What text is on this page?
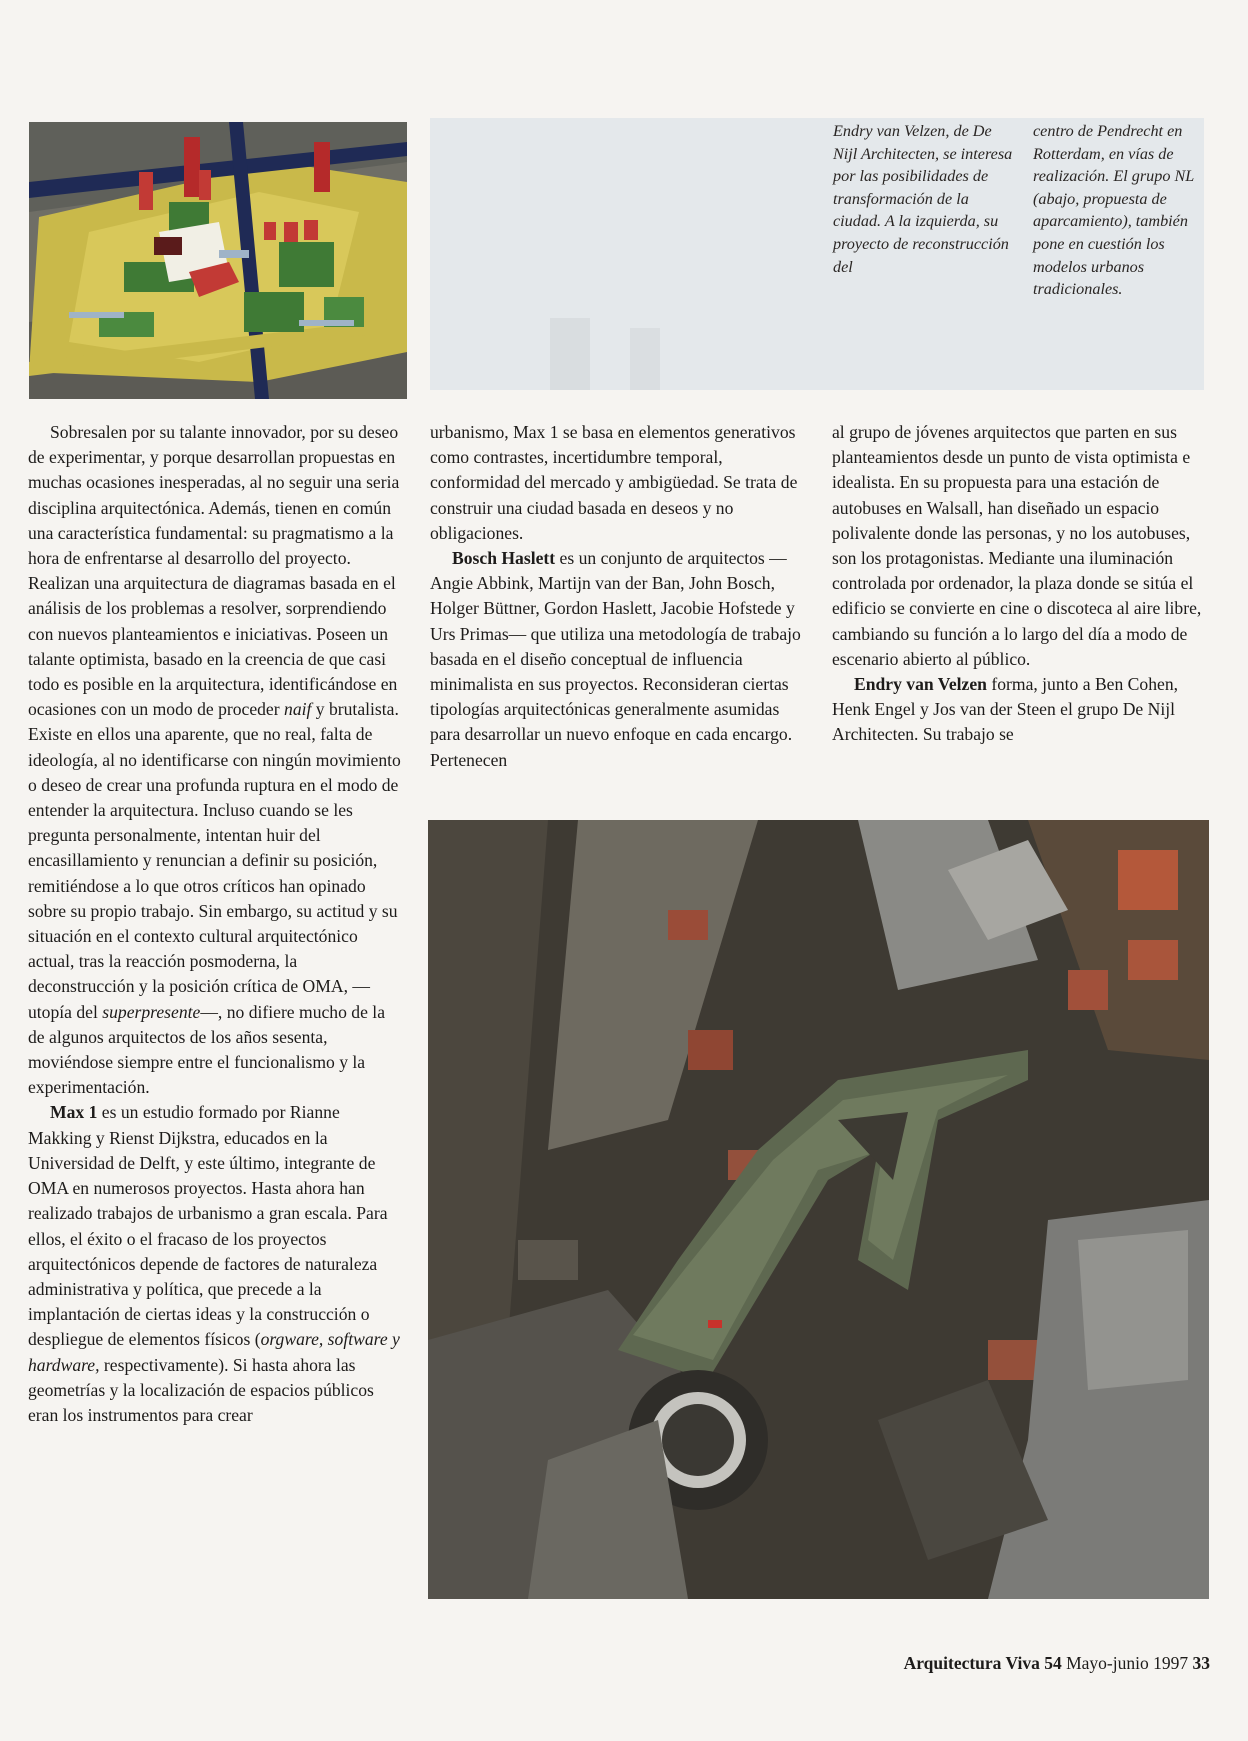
Endry van Velzen, de De Nijl Architecten, se interesa por las posibilidades de transformación de la ciudad. A la izquierda, su proyecto de reconstrucción del
centro de Pendrecht en Rotterdam, en vías de realización. El grupo NL (abajo, propuesta de aparcamiento), también pone en cuestión los modelos urbanos tradicionales.

Sobresalen por su talante innovador, por su deseo de experimentar, y porque desarrollan propuestas en muchas ocasiones inesperadas, al no seguir una seria disciplina arquitectónica. Además, tienen en común una característica fundamental: su pragmatismo a la hora de enfrentarse al desarrollo del proyecto. Realizan una arquitectura de diagramas basada en el análisis de los problemas a resolver, sorprendiendo con nuevos planteamientos e iniciativas. Poseen un talante optimista, basado en la creencia de que casi todo es posible en la arquitectura, identificándose en ocasiones con un modo de proceder naif y brutalista. Existe en ellos una aparente, que no real, falta de ideología, al no identificarse con ningún movimiento o deseo de crear una profunda ruptura en el modo de entender la arquitectura. Incluso cuando se les pregunta personalmente, intentan huir del encasillamiento y renuncian a definir su posición, remitiéndose a lo que otros críticos han opinado sobre su propio trabajo. Sin embargo, su actitud y su situación en el contexto cultural arquitectónico actual, tras la reacción posmoderna, la deconstrucción y la posición crítica de OMA, —utopía del superpresente—, no difiere mucho de la de algunos arquitectos de los años sesenta, moviéndose siempre entre el funcionalismo y la experimentación.

Max 1 es un estudio formado por Rianne Makking y Rienst Dijkstra, educados en la Universidad de Delft, y este último, integrante de OMA en numerosos proyectos. Hasta ahora han realizado trabajos de urbanismo a gran escala. Para ellos, el éxito o el fracaso de los proyectos arquitectónicos depende de factores de naturaleza administrativa y política, que precede a la implantación de ciertas ideas y la construcción o despliegue de elementos físicos (orgware, software y hardware, respectivamente). Si hasta ahora las geometrías y la localización de espacios públicos eran los instrumentos para crear

urbanismo, Max 1 se basa en elementos generativos como contrastes, incertidumbre temporal, conformidad del mercado y ambigüedad. Se trata de construir una ciudad basada en deseos y no obligaciones.

Bosch Haslett es un conjunto de arquitectos —Angie Abbink, Martijn van der Ban, John Bosch, Holger Büttner, Gordon Haslett, Jacobie Hofstede y Urs Primas— que utiliza una metodología de trabajo basada en el diseño conceptual de influencia minimalista en sus proyectos. Reconsideran ciertas tipologías arquitectónicas generalmente asumidas para desarrollar un nuevo enfoque en cada encargo. Pertenecen

al grupo de jóvenes arquitectos que parten en sus planteamientos desde un punto de vista optimista e idealista. En su propuesta para una estación de autobuses en Walsall, han diseñado un espacio polivalente donde las personas, y no los autobuses, son los protagonistas. Mediante una iluminación controlada por ordenador, la plaza donde se sitúa el edificio se convierte en cine o discoteca al aire libre, cambiando su función a lo largo del día a modo de escenario abierto al público.

Endry van Velzen forma, junto a Ben Cohen, Henk Engel y Jos van der Steen el grupo De Nijl Architecten. Su trabajo se

Arquitectura Viva 54 Mayo-junio 1997 33
